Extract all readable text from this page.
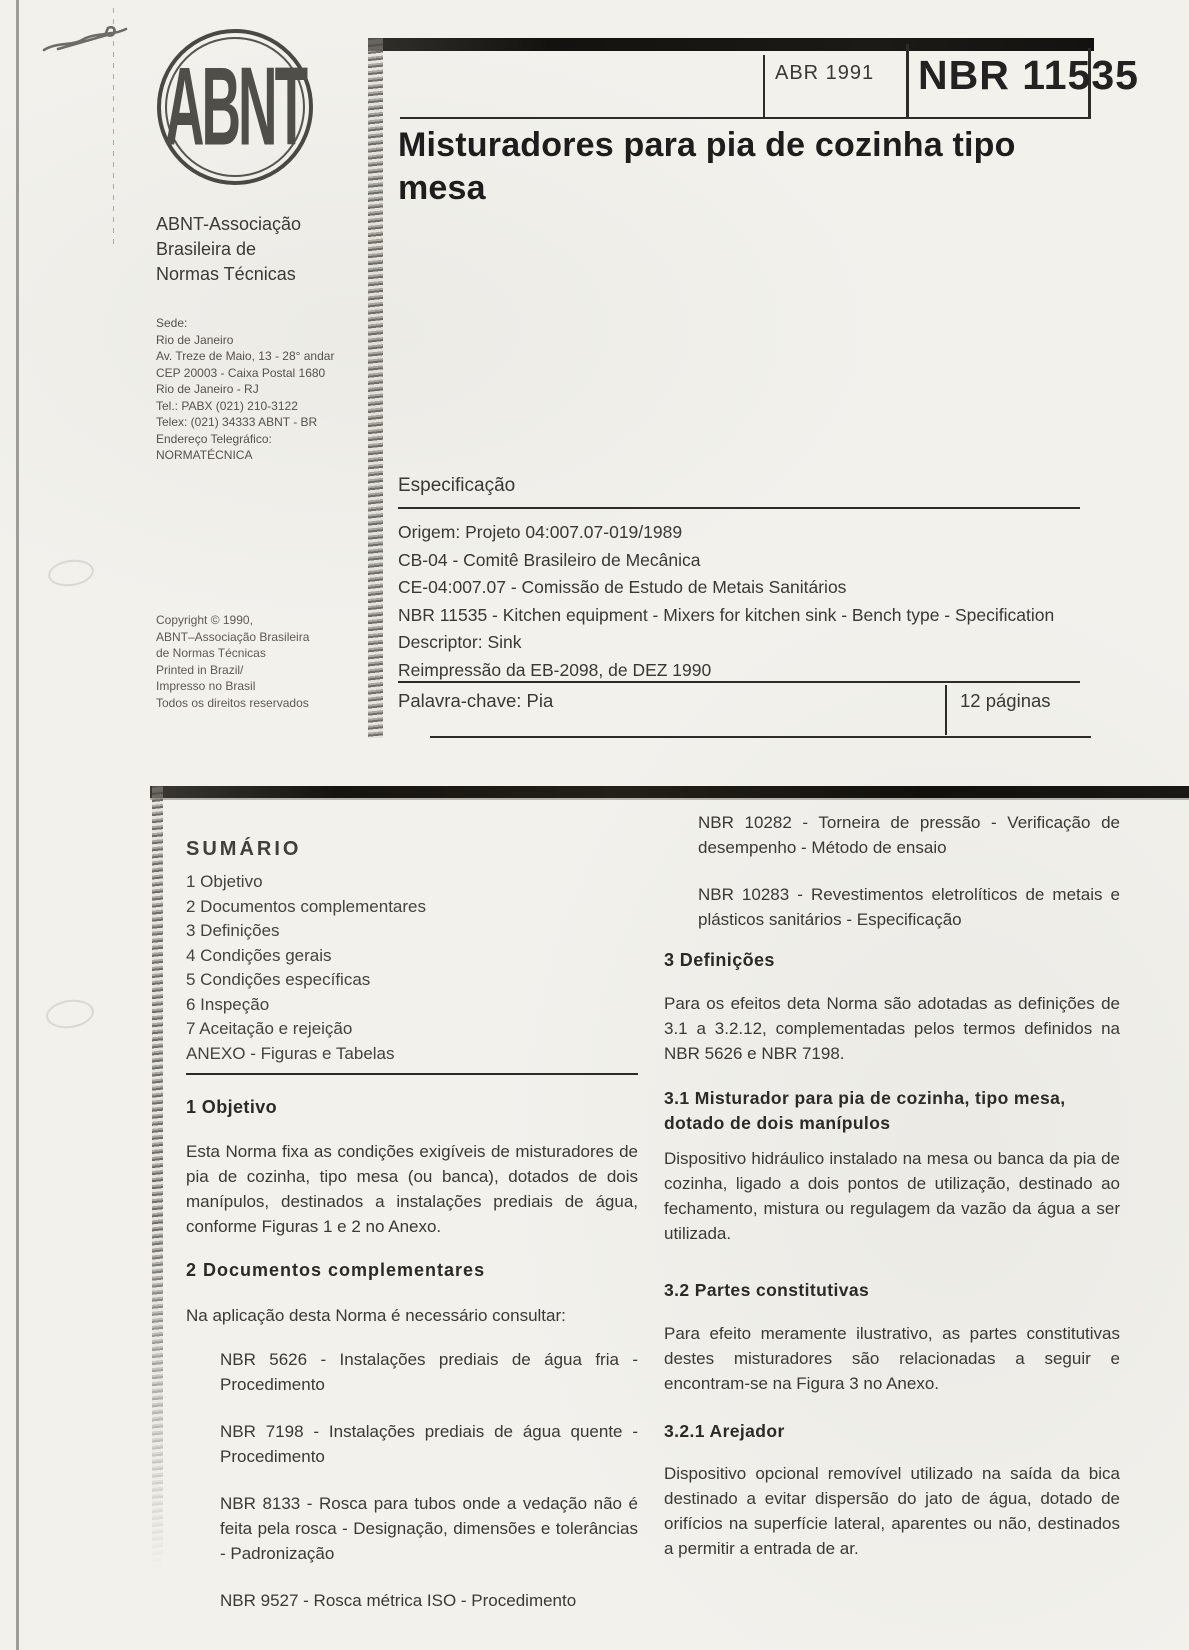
ABNT
ABNT-Associação
Brasileira de
Normas Técnicas
Sede:
Rio de Janeiro
Av. Treze de Maio, 13 - 28° andar
CEP 20003 - Caixa Postal 1680
Rio de Janeiro - RJ
Tel.: PABX (021) 210-3122
Telex: (021) 34333 ABNT - BR
Endereço Telegráfico:
NORMATÉCNICA
Copyright © 1990,
ABNT–Associação Brasileira
de Normas Técnicas
Printed in Brazil/
Impresso no Brasil
Todos os direitos reservados
ABR 1991	NBR 11535
Misturadores para pia de cozinha tipo mesa
Especificação
Origem: Projeto 04:007.07-019/1989
CB-04 - Comitê Brasileiro de Mecânica
CE-04:007.07 - Comissão de Estudo de Metais Sanitários
NBR 11535 - Kitchen equipment - Mixers for kitchen sink - Bench type - Specification
Descriptor: Sink
Reimpressão da EB-2098, de DEZ 1990
Palavra-chave: Pia	12 páginas
SUMÁRIO
1 Objetivo
2 Documentos complementares
3 Definições
4 Condições gerais
5 Condições específicas
6 Inspeção
7 Aceitação e rejeição
ANEXO - Figuras e Tabelas
1 Objetivo
Esta Norma fixa as condições exigíveis de misturadores de pia de cozinha, tipo mesa (ou banca), dotados de dois manípulos, destinados a instalações prediais de água, conforme Figuras 1 e 2 no Anexo.
2 Documentos complementares
Na aplicação desta Norma é necessário consultar:
NBR 5626 - Instalações prediais de água fria - Procedimento
NBR 7198 - Instalações prediais de água quente - Procedimento
NBR 8133 - Rosca para tubos onde a vedação não é feita pela rosca - Designação, dimensões e tolerâncias - Padronização
NBR 9527 - Rosca métrica ISO - Procedimento
NBR 10282 - Torneira de pressão - Verificação de desempenho - Método de ensaio
NBR 10283 - Revestimentos eletrolíticos de metais e plásticos sanitários - Especificação
3 Definições
Para os efeitos deta Norma são adotadas as definições de 3.1 a 3.2.12, complementadas pelos termos definidos na NBR 5626 e NBR 7198.
3.1 Misturador para pia de cozinha, tipo mesa, dotado de dois manípulos
Dispositivo hidráulico instalado na mesa ou banca da pia de cozinha, ligado a dois pontos de utilização, destinado ao fechamento, mistura ou regulagem da vazão da água a ser utilizada.
3.2 Partes constitutivas
Para efeito meramente ilustrativo, as partes constitutivas destes misturadores são relacionadas a seguir e encontram-se na Figura 3 no Anexo.
3.2.1 Arejador
Dispositivo opcional removível utilizado na saída da bica destinado a evitar dispersão do jato de água, dotado de orifícios na superfície lateral, aparentes ou não, destinados a permitir a entrada de ar.
